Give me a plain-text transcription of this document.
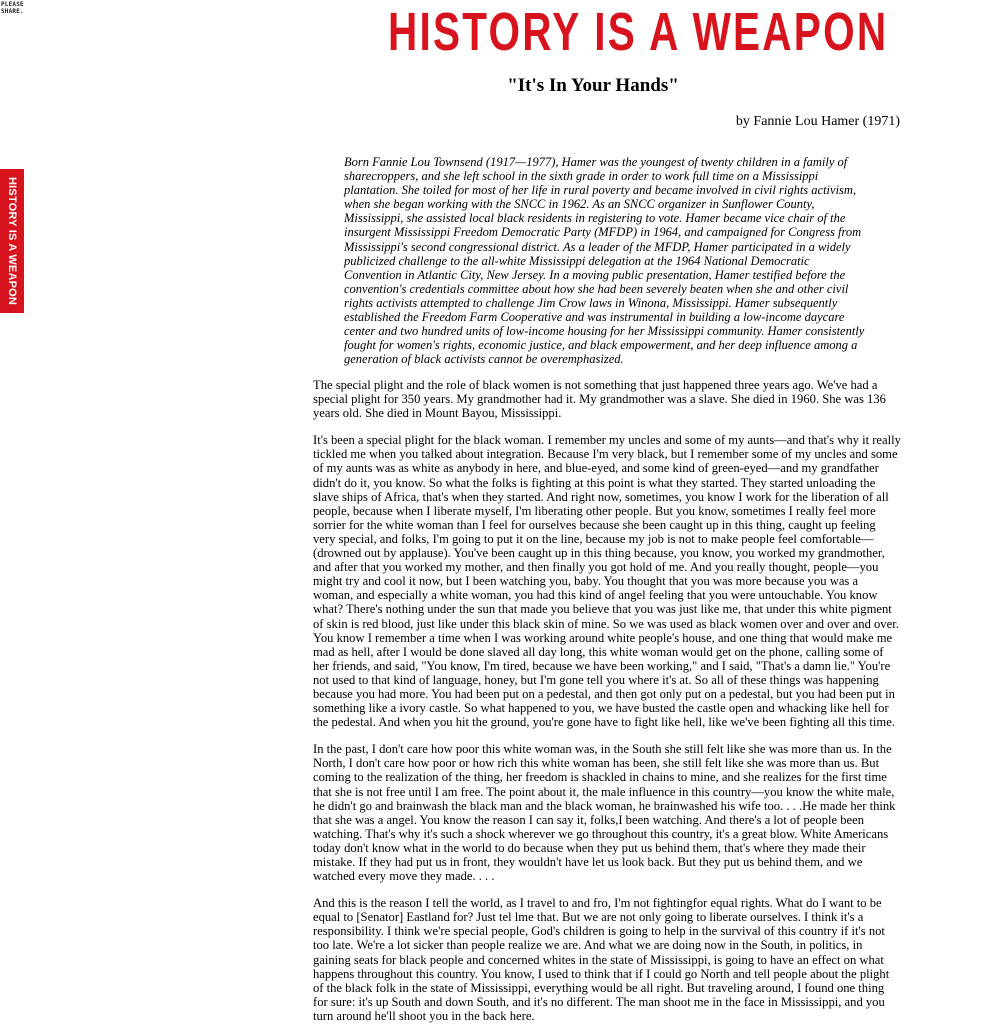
PLEASE SHARE.
HISTORY IS A WEAPON
HISTORY IS A WEAPON
"It's In Your Hands"

by Fannie Lou Hamer (1971)

Born Fannie Lou Townsend (1917—1977), Hamer was the youngest of twenty children in a family of sharecroppers, and she left school in the sixth grade in order to work full time on a Mississippi plantation. She toiled for most of her life in rural poverty and became involved in civil rights activism, when she began working with the SNCC in 1962. As an SNCC organizer in Sunflower County, Mississippi, she assisted local black residents in registering to vote. Hamer became vice chair of the insurgent Mississippi Freedom Democratic Party (MFDP) in 1964, and campaigned for Congress from Mississippi's second congressional district. As a leader of the MFDP, Hamer participated in a widely publicized challenge to the all-white Mississippi delegation at the 1964 National Democratic Convention in Atlantic City, New Jersey. In a moving public presentation, Hamer testified before the convention's credentials committee about how she had been severely beaten when she and other civil rights activists attempted to challenge Jim Crow laws in Winona, Mississippi. Hamer subsequently established the Freedom Farm Cooperative and was instrumental in building a low-income daycare center and two hundred units of low-income housing for her Mississippi community. Hamer consistently fought for women's rights, economic justice, and black empowerment, and her deep influence among a generation of black activists cannot be overemphasized.

The special plight and the role of black women is not something that just happened three years ago. We've had a special plight for 350 years. My grandmother had it. My grandmother was a slave. She died in 1960. She was 136 years old. She died in Mount Bayou, Mississippi.

It's been a special plight for the black woman. I remember my uncles and some of my aunts—and that's why it really tickled me when you talked about integration. Because I'm very black, but I remember some of my uncles and some of my aunts was as white as anybody in here, and blue-eyed, and some kind of green-eyed—and my grandfather didn't do it, you know. So what the folks is fighting at this point is what they started. They started unloading the slave ships of Africa, that's when they started. And right now, sometimes, you know I work for the liberation of all people, because when I liberate myself, I'm liberating other people. But you know, sometimes I really feel more sorrier for the white woman than I feel for ourselves because she been caught up in this thing, caught up feeling very special, and folks, I'm going to put it on the line, because my job is not to make people feel comfortable—(drowned out by applause). You've been caught up in this thing because, you know, you worked my grandmother, and after that you worked my mother, and then finally you got hold of me. And you really thought, people—you might try and cool it now, but I been watching you, baby. You thought that you was more because you was a woman, and especially a white woman, you had this kind of angel feeling that you were untouchable. You know what? There's nothing under the sun that made you believe that you was just like me, that under this white pigment of skin is red blood, just like under this black skin of mine. So we was used as black women over and over and over. You know I remember a time when I was working around white people's house, and one thing that would make me mad as hell, after I would be done slaved all day long, this white woman would get on the phone, calling some of her friends, and said, "You know, I'm tired, because we have been working," and I said, "That's a damn lie." You're not used to that kind of language, honey, but I'm gone tell you where it's at. So all of these things was happening because you had more. You had been put on a pedestal, and then got only put on a pedestal, but you had been put in something like a ivory castle. So what happened to you, we have busted the castle open and whacking like hell for the pedestal. And when you hit the ground, you're gone have to fight like hell, like we've been fighting all this time.

In the past, I don't care how poor this white woman was, in the South she still felt like she was more than us. In the North, I don't care how poor or how rich this white woman has been, she still felt like she was more than us. But coming to the realization of the thing, her freedom is shackled in chains to mine, and she realizes for the first time that she is not free until I am free. The point about it, the male influence in this country—you know the white male, he didn't go and brainwash the black man and the black woman, he brainwashed his wife too. . . .He made her think that she was a angel. You know the reason I can say it, folks,I been watching. And there's a lot of people been watching. That's why it's such a shock wherever we go throughout this country, it's a great blow. White Americans today don't know what in the world to do because when they put us behind them, that's where they made their mistake. If they had put us in front, they wouldn't have let us look back. But they put us behind them, and we watched every move they made. . . .

And this is the reason I tell the world, as I travel to and fro, I'm not fightingfor equal rights. What do I want to be equal to [Senator] Eastland for? Just tel lme that. But we are not only going to liberate ourselves. I think it's a responsibility. I think we're special people, God's children is going to help in the survival of this country if it's not too late. We're a lot sicker than people realize we are. And what we are doing now in the South, in politics, in gaining seats for black people and concerned whites in the state of Mississippi, is going to have an effect on what happens throughout this country. You know, I used to think that if I could go North and tell people about the plight of the black folk in the state of Mississippi, everything would be all right. But traveling around, I found one thing for sure: it's up South and down South, and it's no different. The man shoot me in the face in Mississippi, and you turn around he'll shoot you in the back here.
